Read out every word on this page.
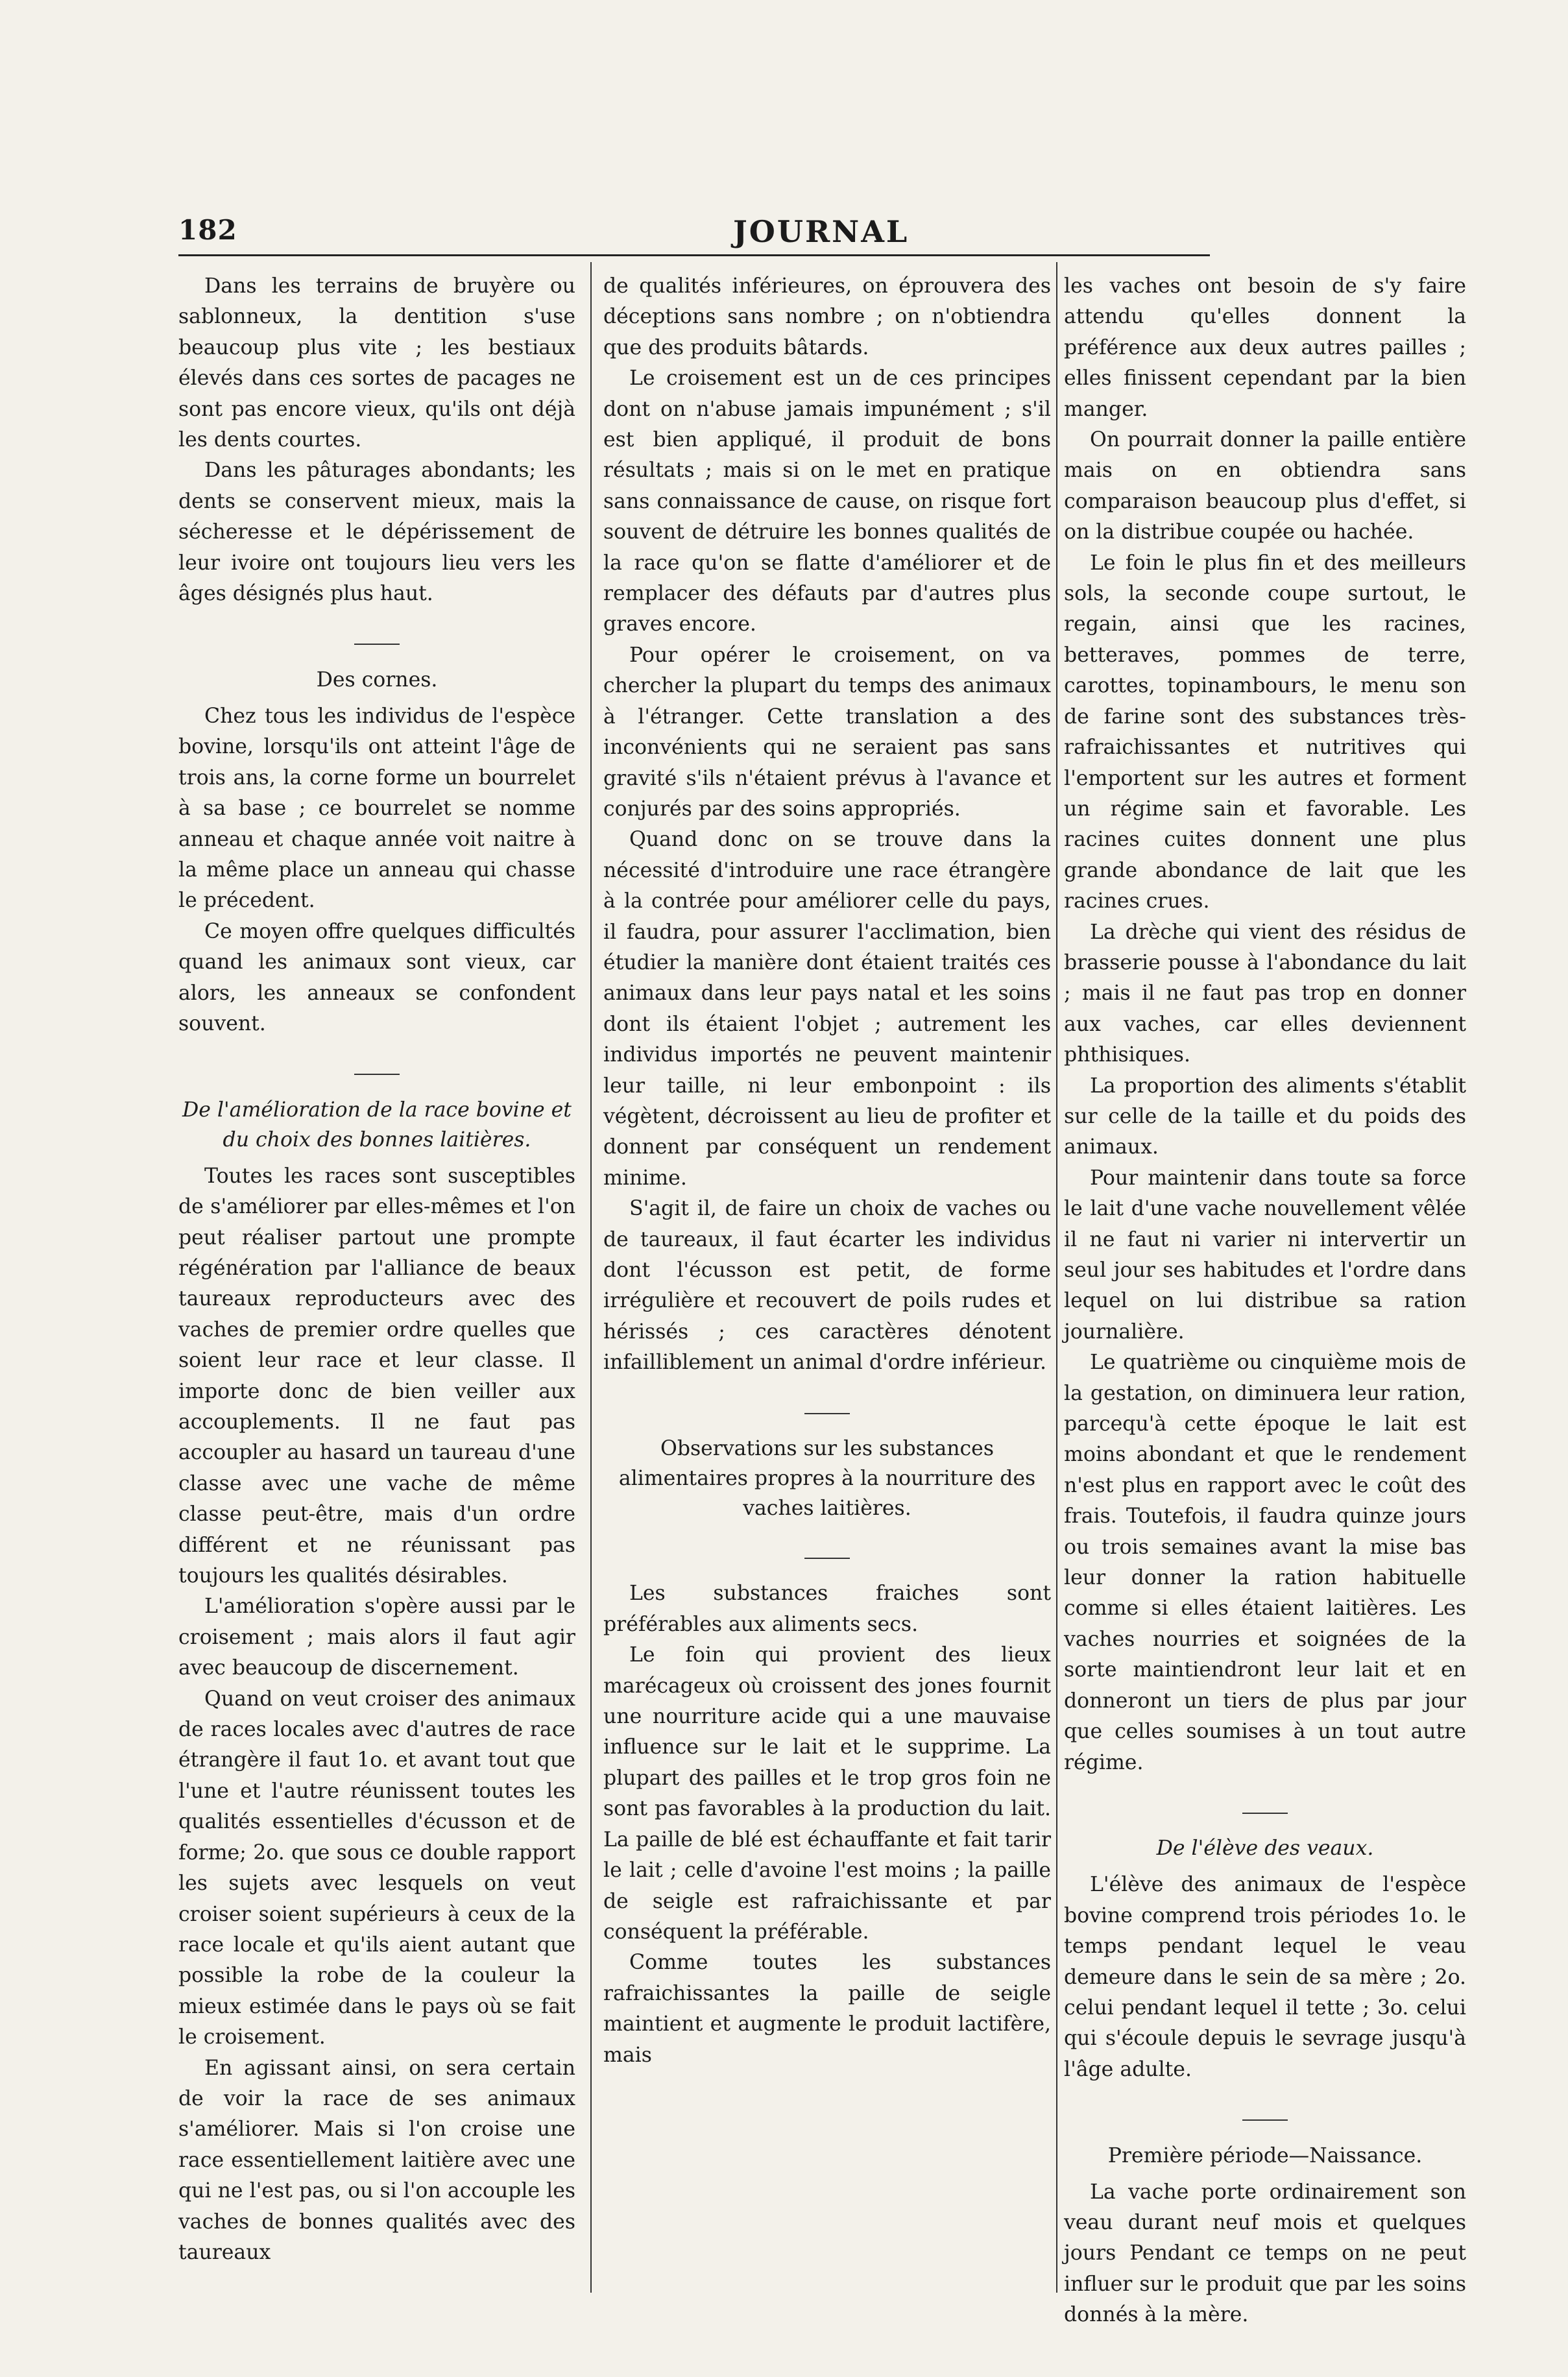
182	JOURNAL

Dans les terrains de bruyère ou sablonneux, la dentition s'use beaucoup plus vite ; les bestiaux élevés dans ces sortes de pacages ne sont pas encore vieux, qu'ils ont déjà les dents courtes.

Dans les pâturages abondants; les dents se conservent mieux, mais la sécheresse et le dépérissement de leur ivoire ont toujours lieu vers les âges désignés plus haut.

Des cornes.

Chez tous les individus de l'espèce bovine, lorsqu'ils ont atteint l'âge de trois ans, la corne forme un bourrelet à sa base ; ce bourrelet se nomme anneau et chaque année voit naitre à la même place un anneau qui chasse le précedent.

Ce moyen offre quelques difficultés quand les animaux sont vieux, car alors, les anneaux se confondent souvent.

De l'amélioration de la race bovine et du choix des bonnes laitières.

Toutes les races sont susceptibles de s'améliorer par elles-mêmes et l'on peut réaliser partout une prompte régénération par l'alliance de beaux taureaux reproducteurs avec des vaches de premier ordre quelles que soient leur race et leur classe. Il importe donc de bien veiller aux accouplements. Il ne faut pas accoupler au hasard un taureau d'une classe avec une vache de même classe peut-être, mais d'un ordre différent et ne réunissant pas toujours les qualités désirables.

L'amélioration s'opère aussi par le croisement ; mais alors il faut agir avec beaucoup de discernement.

Quand on veut croiser des animaux de races locales avec d'autres de race étrangère il faut 1o. et avant tout que l'une et l'autre réunissent toutes les qualités essentielles d'écusson et de forme; 2o. que sous ce double rapport les sujets avec lesquels on veut croiser soient supérieurs à ceux de la race locale et qu'ils aient autant que possible la robe de la couleur la mieux estimée dans le pays où se fait le croisement.

En agissant ainsi, on sera certain de voir la race de ses animaux s'améliorer. Mais si l'on croise une race essentiellement laitière avec une qui ne l'est pas, ou si l'on accouple les vaches de bonnes qualités avec des taureaux

de qualités inférieures, on éprouvera des déceptions sans nombre ; on n'obtiendra que des produits bâtards.

Le croisement est un de ces principes dont on n'abuse jamais impunément ; s'il est bien appliqué, il produit de bons résultats ; mais si on le met en pratique sans connaissance de cause, on risque fort souvent de détruire les bonnes qualités de la race qu'on se flatte d'améliorer et de remplacer des défauts par d'autres plus graves encore.

Pour opérer le croisement, on va chercher la plupart du temps des animaux à l'étranger. Cette translation a des inconvénients qui ne seraient pas sans gravité s'ils n'étaient prévus à l'avance et conjurés par des soins appropriés.

Quand donc on se trouve dans la nécessité d'introduire une race étrangère à la contrée pour améliorer celle du pays, il faudra, pour assurer l'acclimation, bien étudier la manière dont étaient traités ces animaux dans leur pays natal et les soins dont ils étaient l'objet ; autrement les individus importés ne peuvent maintenir leur taille, ni leur embonpoint : ils végètent, décroissent au lieu de profiter et donnent par conséquent un rendement minime.

S'agit il, de faire un choix de vaches ou de taureaux, il faut écarter les individus dont l'écusson est petit, de forme irrégulière et recouvert de poils rudes et hérissés ; ces caractères dénotent infailliblement un animal d'ordre inférieur.

Observations sur les substances alimentaires propres à la nourriture des vaches laitières.

Les substances fraiches sont préférables aux aliments secs.

Le foin qui provient des lieux marécageux où croissent des jones fournit une nourriture acide qui a une mauvaise influence sur le lait et le supprime. La plupart des pailles et le trop gros foin ne sont pas favorables à la production du lait. La paille de blé est échauffante et fait tarir le lait ; celle d'avoine l'est moins ; la paille de seigle est rafraichissante et par conséquent la préférable.

Comme toutes les substances rafraichissantes la paille de seigle maintient et augmente le produit lactifère, mais

les vaches ont besoin de s'y faire attendu qu'elles donnent la préférence aux deux autres pailles ; elles finissent cependant par la bien manger.

On pourrait donner la paille entière mais on en obtiendra sans comparaison beaucoup plus d'effet, si on la distribue coupée ou hachée.

Le foin le plus fin et des meilleurs sols, la seconde coupe surtout, le regain, ainsi que les racines, betteraves, pommes de terre, carottes, topinambours, le menu son de farine sont des substances très-rafraichissantes et nutritives qui l'emportent sur les autres et forment un régime sain et favorable. Les racines cuites donnent une plus grande abondance de lait que les racines crues.

La drèche qui vient des résidus de brasserie pousse à l'abondance du lait ; mais il ne faut pas trop en donner aux vaches, car elles deviennent phthisiques.

La proportion des aliments s'établit sur celle de la taille et du poids des animaux.

Pour maintenir dans toute sa force le lait d'une vache nouvellement vêlée il ne faut ni varier ni intervertir un seul jour ses habitudes et l'ordre dans lequel on lui distribue sa ration journalière.

Le quatrième ou cinquième mois de la gestation, on diminuera leur ration, parcequ'à cette époque le lait est moins abondant et que le rendement n'est plus en rapport avec le coût des frais. Toutefois, il faudra quinze jours ou trois semaines avant la mise bas leur donner la ration habituelle comme si elles étaient laitières. Les vaches nourries et soignées de la sorte maintiendront leur lait et en donneront un tiers de plus par jour que celles soumises à un tout autre régime.

De l'élève des veaux.

L'élève des animaux de l'espèce bovine comprend trois périodes 1o. le temps pendant lequel le veau demeure dans le sein de sa mère ; 2o. celui pendant lequel il tette ; 3o. celui qui s'écoule depuis le sevrage jusqu'à l'âge adulte.

Première période—Naissance.

La vache porte ordinairement son veau durant neuf mois et quelques jours Pendant ce temps on ne peut influer sur le produit que par les soins donnés à la mère.
